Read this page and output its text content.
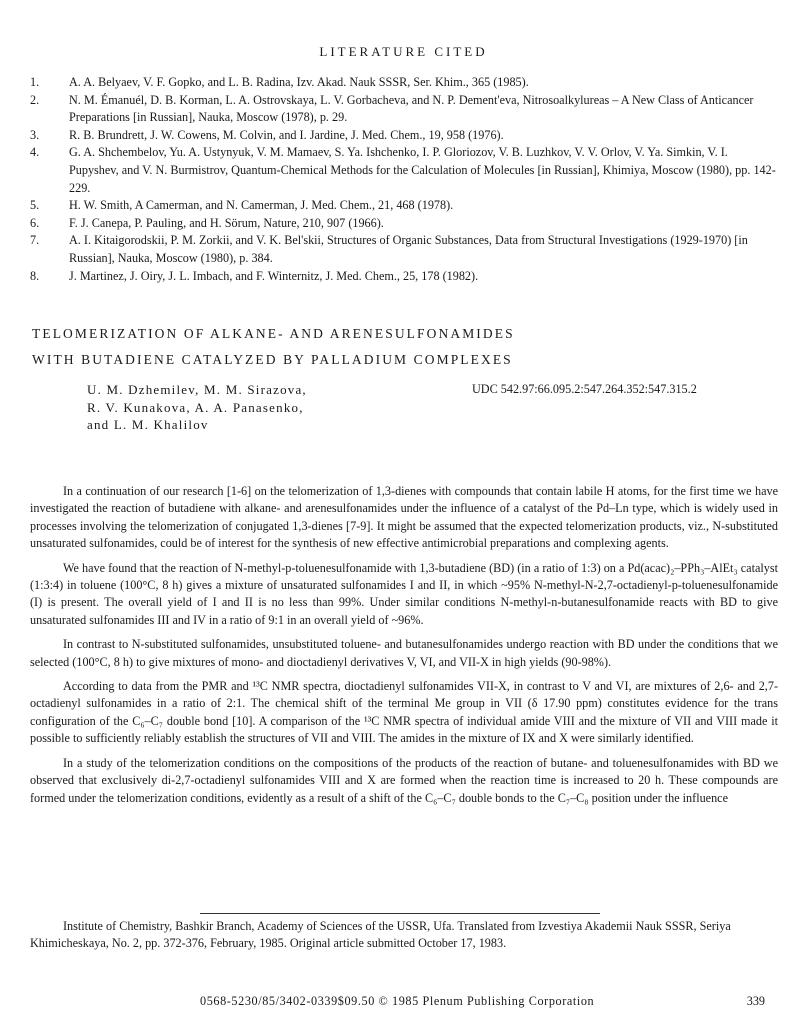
LITERATURE CITED
1. A. A. Belyaev, V. F. Gopko, and L. B. Radina, Izv. Akad. Nauk SSSR, Ser. Khim., 365 (1985).
2. N. M. Émanuél, D. B. Korman, L. A. Ostrovskaya, L. V. Gorbacheva, and N. P. Dement'eva, Nitrosoalkylureas – A New Class of Anticancer Preparations [in Russian], Nauka, Moscow (1978), p. 29.
3. R. B. Brundrett, J. W. Cowens, M. Colvin, and I. Jardine, J. Med. Chem., 19, 958 (1976).
4. G. A. Shchembelov, Yu. A. Ustynyuk, V. M. Mamaev, S. Ya. Ishchenko, I. P. Gloriozov, V. B. Luzhkov, V. V. Orlov, V. Ya. Simkin, V. I. Pupyshev, and V. N. Burmistrov, Quantum-Chemical Methods for the Calculation of Molecules [in Russian], Khimiya, Moscow (1980), pp. 142-229.
5. H. W. Smith, A Camerman, and N. Camerman, J. Med. Chem., 21, 468 (1978).
6. F. J. Canepa, P. Pauling, and H. Sörum, Nature, 210, 907 (1966).
7. A. I. Kitaigorodskii, P. M. Zorkii, and V. K. Bel'skii, Structures of Organic Substances, Data from Structural Investigations (1929-1970) [in Russian], Nauka, Moscow (1980), p. 384.
8. J. Martinez, J. Oiry, J. L. Imbach, and F. Winternitz, J. Med. Chem., 25, 178 (1982).
TELOMERIZATION OF ALKANE- AND ARENESULFONAMIDES
WITH BUTADIENE CATALYZED BY PALLADIUM COMPLEXES
U. M. Dzhemilev, M. M. Sirazova,
R. V. Kunakova, A. A. Panasenko,
and L. M. Khalilov
UDC 542.97:66.095.2:547.264.352:547.315.2

In a continuation of our research [1-6] on the telomerization of 1,3-dienes with compounds that contain labile H atoms, for the first time we have investigated the reaction of butadiene with alkane- and arenesulfonamides under the influence of a catalyst of the Pd–Ln type, which is widely used in processes involving the telomerization of conjugated 1,3-dienes [7-9]. It might be assumed that the expected telomerization products, viz., N-substituted unsaturated sulfonamides, could be of interest for the synthesis of new effective antimicrobial preparations and complexing agents.

We have found that the reaction of N-methyl-p-toluenesulfonamide with 1,3-butadiene (BD) (in a ratio of 1:3) on a Pd(acac)₂–PPh₃–AlEt₃ catalyst (1:3:4) in toluene (100°C, 8 h) gives a mixture of unsaturated sulfonamides I and II, in which ~95% N-methyl-N-2,7-octadienyl-p-toluenesulfonamide (I) is present. The overall yield of I and II is no less than 99%. Under similar conditions N-methyl-n-butanesulfonamide reacts with BD to give unsaturated sulfonamides III and IV in a ratio of 9:1 in an overall yield of ~96%.

In contrast to N-substituted sulfonamides, unsubstituted toluene- and butanesulfonamides undergo reaction with BD under the conditions that we selected (100°C, 8 h) to give mixtures of mono- and dioctadienyl derivatives V, VI, and VII-X in high yields (90-98%).

According to data from the PMR and ¹³C NMR spectra, dioctadienyl sulfonamides VII-X, in contrast to V and VI, are mixtures of 2,6- and 2,7-octadienyl sulfonamides in a ratio of 2:1. The chemical shift of the terminal Me group in VII (δ 17.90 ppm) constitutes evidence for the trans configuration of the C₆–C₇ double bond [10]. A comparison of the ¹³C NMR spectra of individual amide VIII and the mixture of VII and VIII made it possible to sufficiently reliably establish the structures of VII and VIII. The amides in the mixture of IX and X were similarly identified.

In a study of the telomerization conditions on the compositions of the products of the reaction of butane- and toluenesulfonamides with BD we observed that exclusively di-2,7-octadienyl sulfonamides VIII and X are formed when the reaction time is increased to 20 h. These compounds are formed under the telomerization conditions, evidently as a result of a shift of the C₆–C₇ double bonds to the C₇–C₈ position under the influence

Institute of Chemistry, Bashkir Branch, Academy of Sciences of the USSR, Ufa. Translated from Izvestiya Akademii Nauk SSSR, Seriya Khimicheskaya, No. 2, pp. 372-376, February, 1985. Original article submitted October 17, 1983.
0568-5230/85/3402-0339$09.50 © 1985 Plenum Publishing Corporation	339
